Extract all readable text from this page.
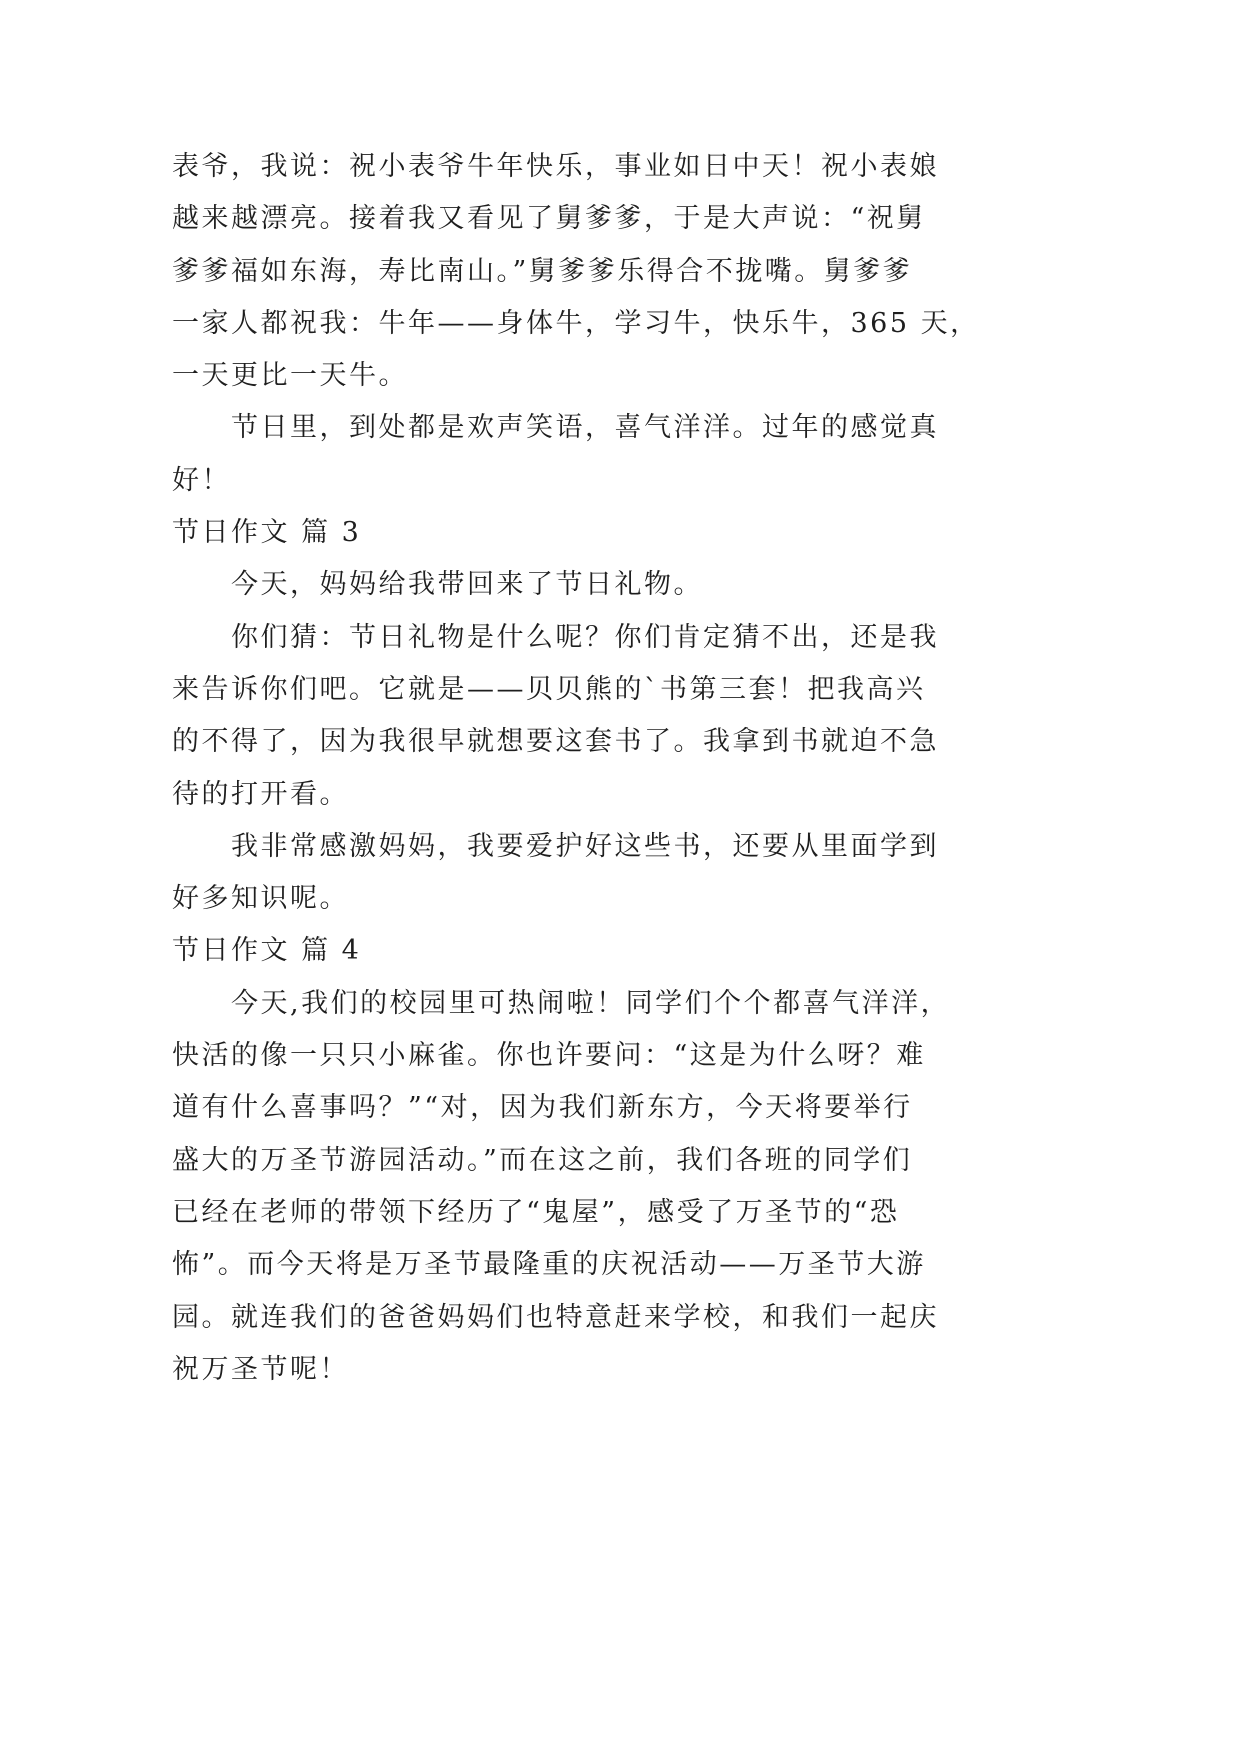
表爷，我说：祝小表爷牛年快乐，事业如日中天！祝小表娘
越来越漂亮。接着我又看见了舅爹爹，于是大声说：“祝舅
爹爹福如东海，寿比南山。”舅爹爹乐得合不拢嘴。舅爹爹
一家人都祝我：牛年——身体牛，学习牛，快乐牛，365 天，
一天更比一天牛。
节日里，到处都是欢声笑语，喜气洋洋。过年的感觉真
好！
节日作文 篇 3
今天，妈妈给我带回来了节日礼物。
你们猜：节日礼物是什么呢？你们肯定猜不出，还是我
来告诉你们吧。它就是——贝贝熊的`书第三套！把我高兴
的不得了，因为我很早就想要这套书了。我拿到书就迫不急
待的打开看。
我非常感激妈妈，我要爱护好这些书，还要从里面学到
好多知识呢。
节日作文 篇 4
今天,我们的校园里可热闹啦！同学们个个都喜气洋洋，
快活的像一只只小麻雀。你也许要问：“这是为什么呀？难
道有什么喜事吗？”“对，因为我们新东方，今天将要举行
盛大的万圣节游园活动。”而在这之前，我们各班的同学们
已经在老师的带领下经历了“鬼屋”，感受了万圣节的“恐
怖”。而今天将是万圣节最隆重的庆祝活动——万圣节大游
园。就连我们的爸爸妈妈们也特意赶来学校，和我们一起庆
祝万圣节呢！
